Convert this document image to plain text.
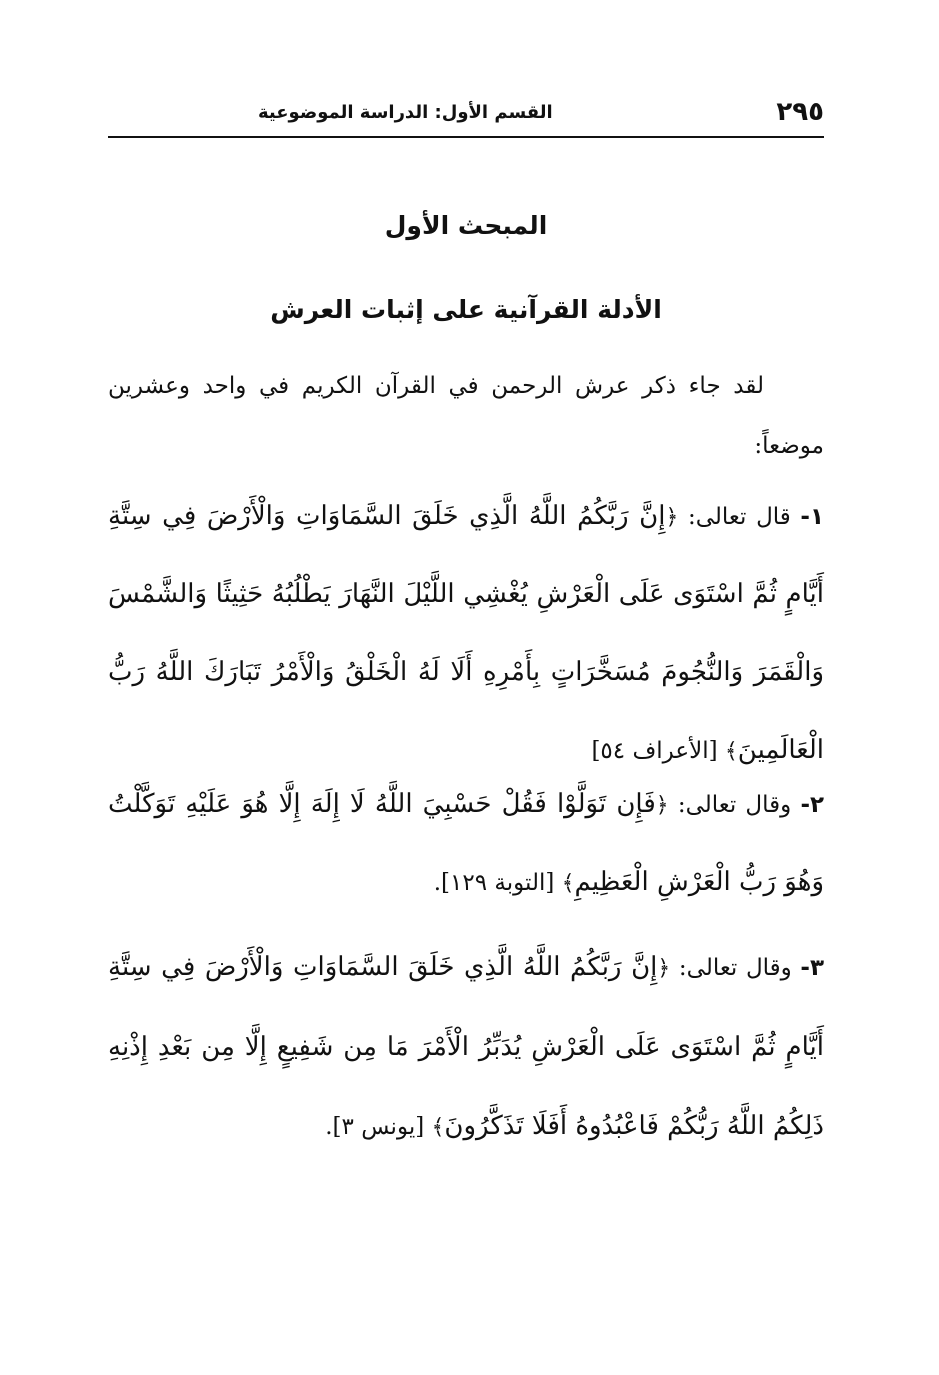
٢٩٥
القسم الأول: الدراسة الموضوعية
المبحث الأول
الأدلة القرآنية على إثبات العرش

لقد جاء ذكر عرش الرحمن في القرآن الكريم في واحد وعشرين موضعاً:

١- قال تعالى: ﴿إِنَّ رَبَّكُمُ اللَّهُ الَّذِي خَلَقَ السَّمَاوَاتِ وَالْأَرْضَ فِي سِتَّةِ أَيَّامٍ ثُمَّ اسْتَوَى عَلَى الْعَرْشِ يُغْشِي اللَّيْلَ النَّهَارَ يَطْلُبُهُ حَثِيثًا وَالشَّمْسَ وَالْقَمَرَ وَالنُّجُومَ مُسَخَّرَاتٍ بِأَمْرِهِ أَلَا لَهُ الْخَلْقُ وَالْأَمْرُ تَبَارَكَ اللَّهُ رَبُّ الْعَالَمِينَ﴾ [الأعراف ٥٤]

٢- وقال تعالى: ﴿فَإِن تَوَلَّوْا فَقُلْ حَسْبِيَ اللَّهُ لَا إِلَهَ إِلَّا هُوَ عَلَيْهِ تَوَكَّلْتُ وَهُوَ رَبُّ الْعَرْشِ الْعَظِيمِ﴾ [التوبة ١٢٩].

٣- وقال تعالى: ﴿إِنَّ رَبَّكُمُ اللَّهُ الَّذِي خَلَقَ السَّمَاوَاتِ وَالْأَرْضَ فِي سِتَّةِ أَيَّامٍ ثُمَّ اسْتَوَى عَلَى الْعَرْشِ يُدَبِّرُ الْأَمْرَ مَا مِن شَفِيعٍ إِلَّا مِن بَعْدِ إِذْنِهِ ذَلِكُمُ اللَّهُ رَبُّكُمْ فَاعْبُدُوهُ أَفَلَا تَذَكَّرُونَ﴾ [يونس ٣].
